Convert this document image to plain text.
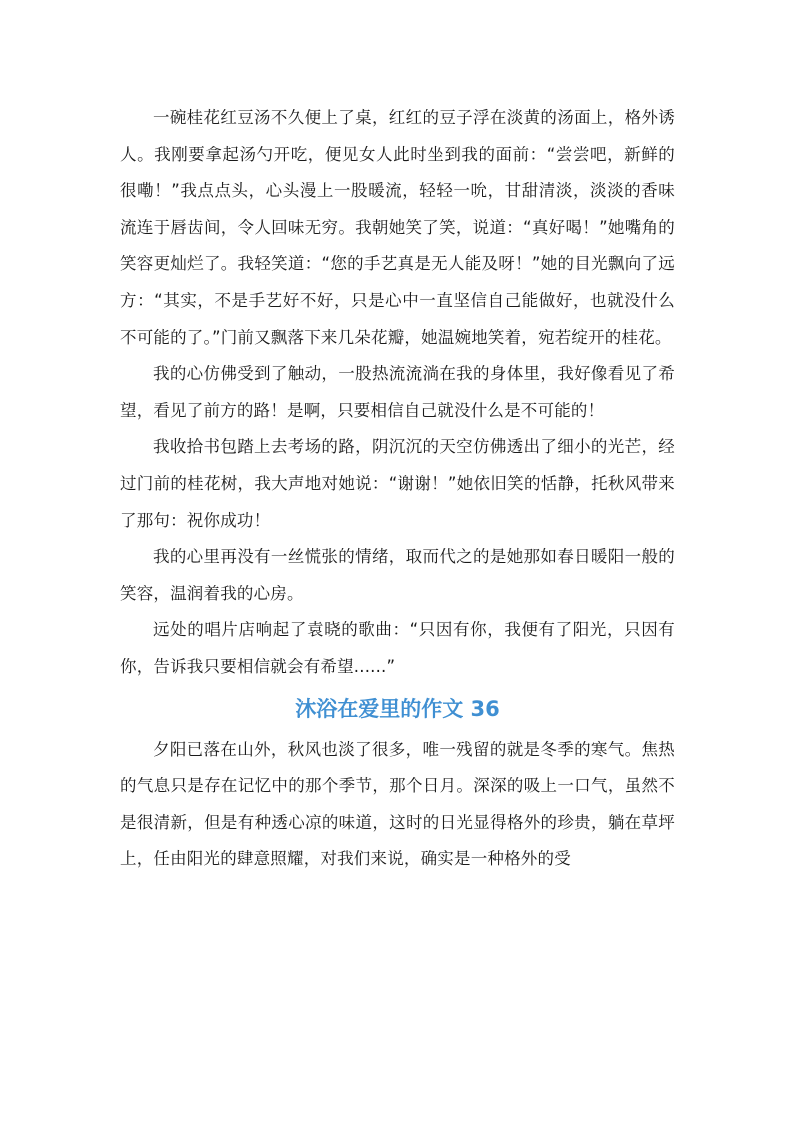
一碗桂花红豆汤不久便上了桌，红红的豆子浮在淡黄的汤面上，格外诱人。我刚要拿起汤勺开吃，便见女人此时坐到我的面前：“尝尝吧，新鲜的很嘞！”我点点头，心头漫上一股暖流，轻轻一吮，甘甜清淡，淡淡的香味流连于唇齿间，令人回味无穷。我朝她笑了笑，说道：“真好喝！”她嘴角的笑容更灿烂了。我轻笑道：“您的手艺真是无人能及呀！”她的目光飘向了远方：“其实，不是手艺好不好，只是心中一直坚信自己能做好，也就没什么不可能的了。”门前又飘落下来几朵花瓣，她温婉地笑着，宛若绽开的桂花。

我的心仿佛受到了触动，一股热流流淌在我的身体里，我好像看见了希望，看见了前方的路！是啊，只要相信自己就没什么是不可能的！

我收拾书包踏上去考场的路，阴沉沉的天空仿佛透出了细小的光芒，经过门前的桂花树，我大声地对她说：“谢谢！”她依旧笑的恬静，托秋风带来了那句：祝你成功！

我的心里再没有一丝慌张的情绪，取而代之的是她那如春日暖阳一般的笑容，温润着我的心房。

远处的唱片店响起了袁晓的歌曲：“只因有你，我便有了阳光，只因有你，告诉我只要相信就会有希望......”

沐浴在爱里的作文 36

夕阳已落在山外，秋风也淡了很多，唯一残留的就是冬季的寒气。焦热的气息只是存在记忆中的那个季节，那个日月。深深的吸上一口气，虽然不是很清新，但是有种透心凉的味道，这时的日光显得格外的珍贵，躺在草坪上，任由阳光的肆意照耀，对我们来说，确实是一种格外的受
